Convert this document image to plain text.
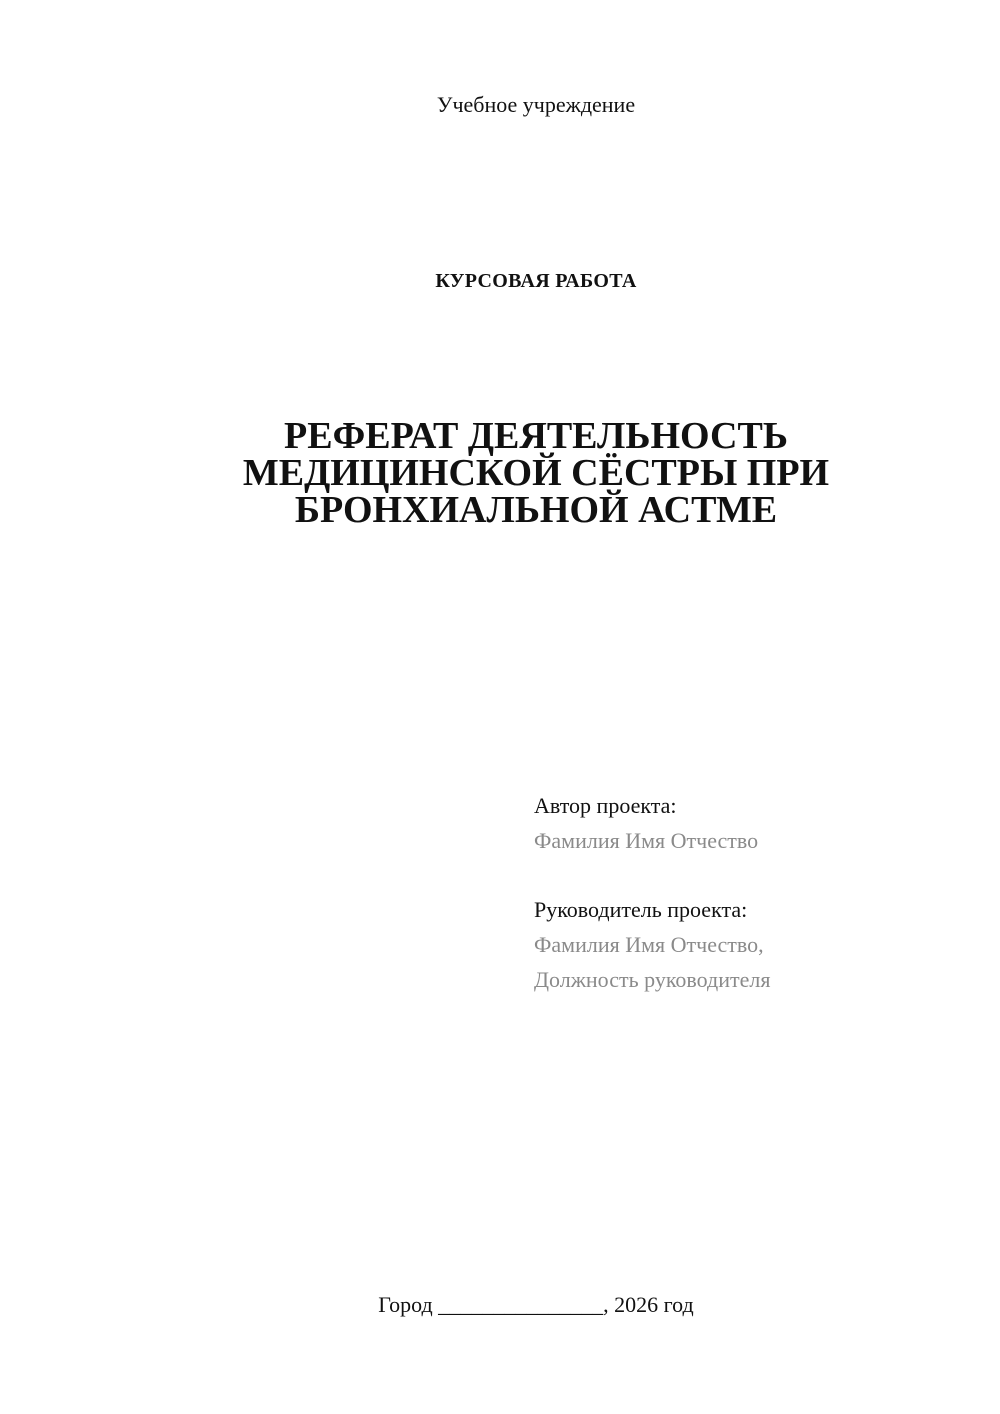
Учебное учреждение
КУРСОВАЯ РАБОТА
РЕФЕРАТ ДЕЯТЕЛЬНОСТЬ
МЕДИЦИНСКОЙ СЁСТРЫ ПРИ
БРОНХИАЛЬНОЙ АСТМЕ
Автор проекта:
Фамилия Имя Отчество
Руководитель проекта:
Фамилия Имя Отчество,
Должность руководителя
Город _______________, 2026 год
